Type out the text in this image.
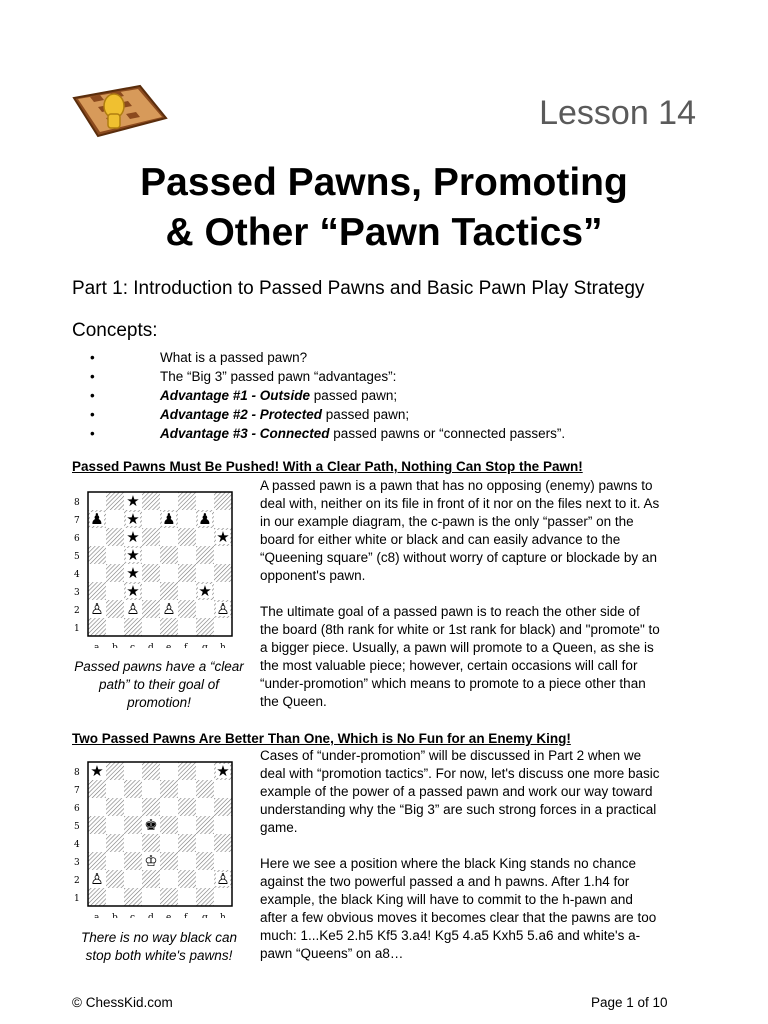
Lesson 14
Passed Pawns, Promoting
& Other “Pawn Tactics”
Part 1: Introduction to Passed Pawns and Basic Pawn Play Strategy
Concepts:
•	What is a passed pawn?
•	The “Big 3” passed pawn “advantages”:
•	Advantage #1 - Outside passed pawn;
•	Advantage #2 - Protected passed pawn;
•	Advantage #3 - Connected passed pawns or “connected passers”.
Passed Pawns Must Be Pushed! With a Clear Path, Nothing Can Stop the Pawn!
8
7
6
5
4
3
2
1
a b c d e f g h
★
♟ ★ ♟ ♟
★	★
★
★
★	★
♙ ♙ ♙	♙
Passed pawns have a “clear path” to their goal of promotion!

A passed pawn is a pawn that has no opposing (enemy) pawns to deal with, neither on its file in front of it nor on the files next to it. As in our example diagram, the c-pawn is the only “passer” on the board for either white or black and can easily advance to the “Queening square” (c8) without worry of capture or blockade by an opponent's pawn.

The ultimate goal of a passed pawn is to reach the other side of the board (8th rank for white or 1st rank for black) and "promote" to a bigger piece. Usually, a pawn will promote to a Queen, as she is the most valuable piece; however, certain occasions will call for “under-promotion” which means to promote to a piece other than the Queen.

Two Passed Pawns Are Better Than One, Which is No Fun for an Enemy King!
8
7
6
5
4
3
2
1
a b c d e f g h
★	★
♚
♔
♙	♙
There is no way black can stop both white's pawns!

Cases of “under-promotion” will be discussed in Part 2 when we deal with “promotion tactics”. For now, let's discuss one more basic example of the power of a passed pawn and work our way toward understanding why the “Big 3” are such strong forces in a practical game.

Here we see a position where the black King stands no chance against the two powerful passed a and h pawns. After 1.h4 for example, the black King will have to commit to the h-pawn and after a few obvious moves it becomes clear that the pawns are too much: 1...Ke5 2.h5 Kf5 3.a4! Kg5 4.a5 Kxh5 5.a6 and white's a-pawn “Queens” on a8…

© ChessKid.com	Page 1 of 10
